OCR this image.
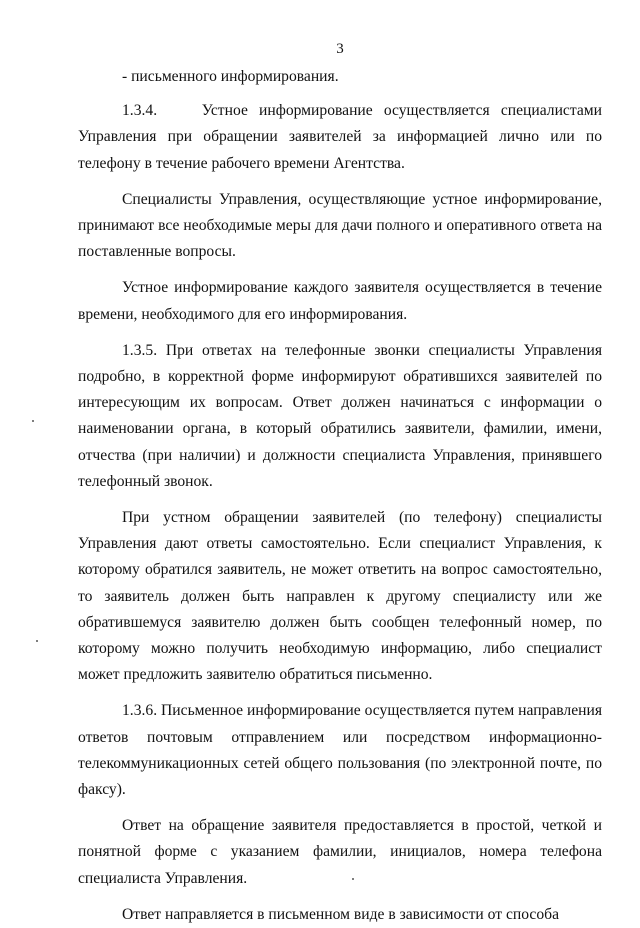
3

- письменного информирования.

1.3.4.    Устное информирование осуществляется специалистами Управления при обращении заявителей за информацией лично или по телефону в течение рабочего времени Агентства.

Специалисты Управления, осуществляющие устное информирование, принимают все необходимые меры для дачи полного и оперативного ответа на поставленные вопросы.

Устное информирование каждого заявителя осуществляется в течение времени, необходимого для его информирования.

1.3.5. При ответах на телефонные звонки специалисты Управления подробно, в корректной форме информируют обратившихся заявителей по интересующим их вопросам. Ответ должен начинаться с информации о наименовании органа, в который обратились заявители, фамилии, имени, отчества (при наличии) и должности специалиста Управления, принявшего телефонный звонок.

При устном обращении заявителей (по телефону) специалисты Управления дают ответы самостоятельно. Если специалист Управления, к которому обратился заявитель, не может ответить на вопрос самостоятельно, то заявитель должен быть направлен к другому специалисту или же обратившемуся заявителю должен быть сообщен телефонный номер, по которому можно получить необходимую информацию, либо специалист может предложить заявителю обратиться письменно.

1.3.6. Письменное информирование осуществляется путем направления ответов почтовым отправлением или посредством информационно-телекоммуникационных сетей общего пользования (по электронной почте, по факсу).

Ответ на обращение заявителя предоставляется в простой, четкой и понятной форме с указанием фамилии, инициалов, номера телефона специалиста Управления.

Ответ направляется в письменном виде в зависимости от способа
